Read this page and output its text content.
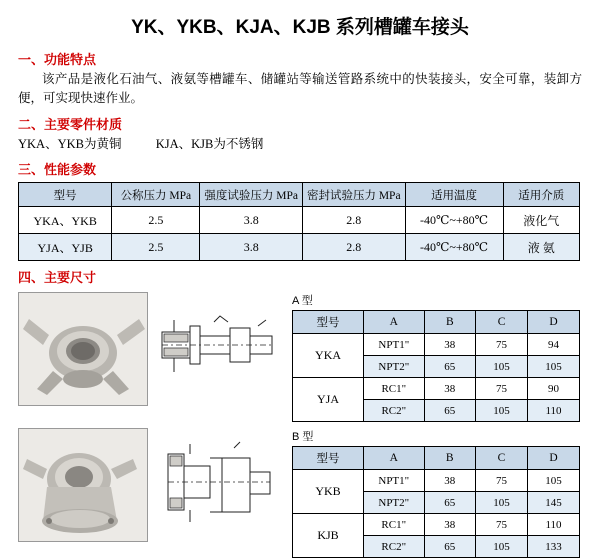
YK、YKB、KJA、KJB 系列槽罐车接头
一、功能特点
该产品是液化石油气、液氨等槽罐车、储罐站等输送管路系统中的快装接头，安全可靠，装卸方便，可实现快速作业。
二、主要零件材质
YKA、YKB为黄铜	KJA、KJB为不锈钢
三、性能参数
型号	公称压力 MPa	强度试验压力 MPa	密封试验压力 MPa	适用温度	适用介质
YKA、YKB	2.5	3.8	2.8	-40℃~+80℃	液化气
YJA、YJB	2.5	3.8	2.8	-40℃~+80℃	液 氨
四、主要尺寸
A 型
型号	A	B	C	D
YKA	NPT1"	38	75	94
	NPT2"	65	105	105
YJA	RC1"	38	75	90
	RC2"	65	105	110
B 型
型号	A	B	C	D
YKB	NPT1"	38	75	105
	NPT2"	65	105	145
KJB	RC1"	38	75	110
	RC2"	65	105	133
